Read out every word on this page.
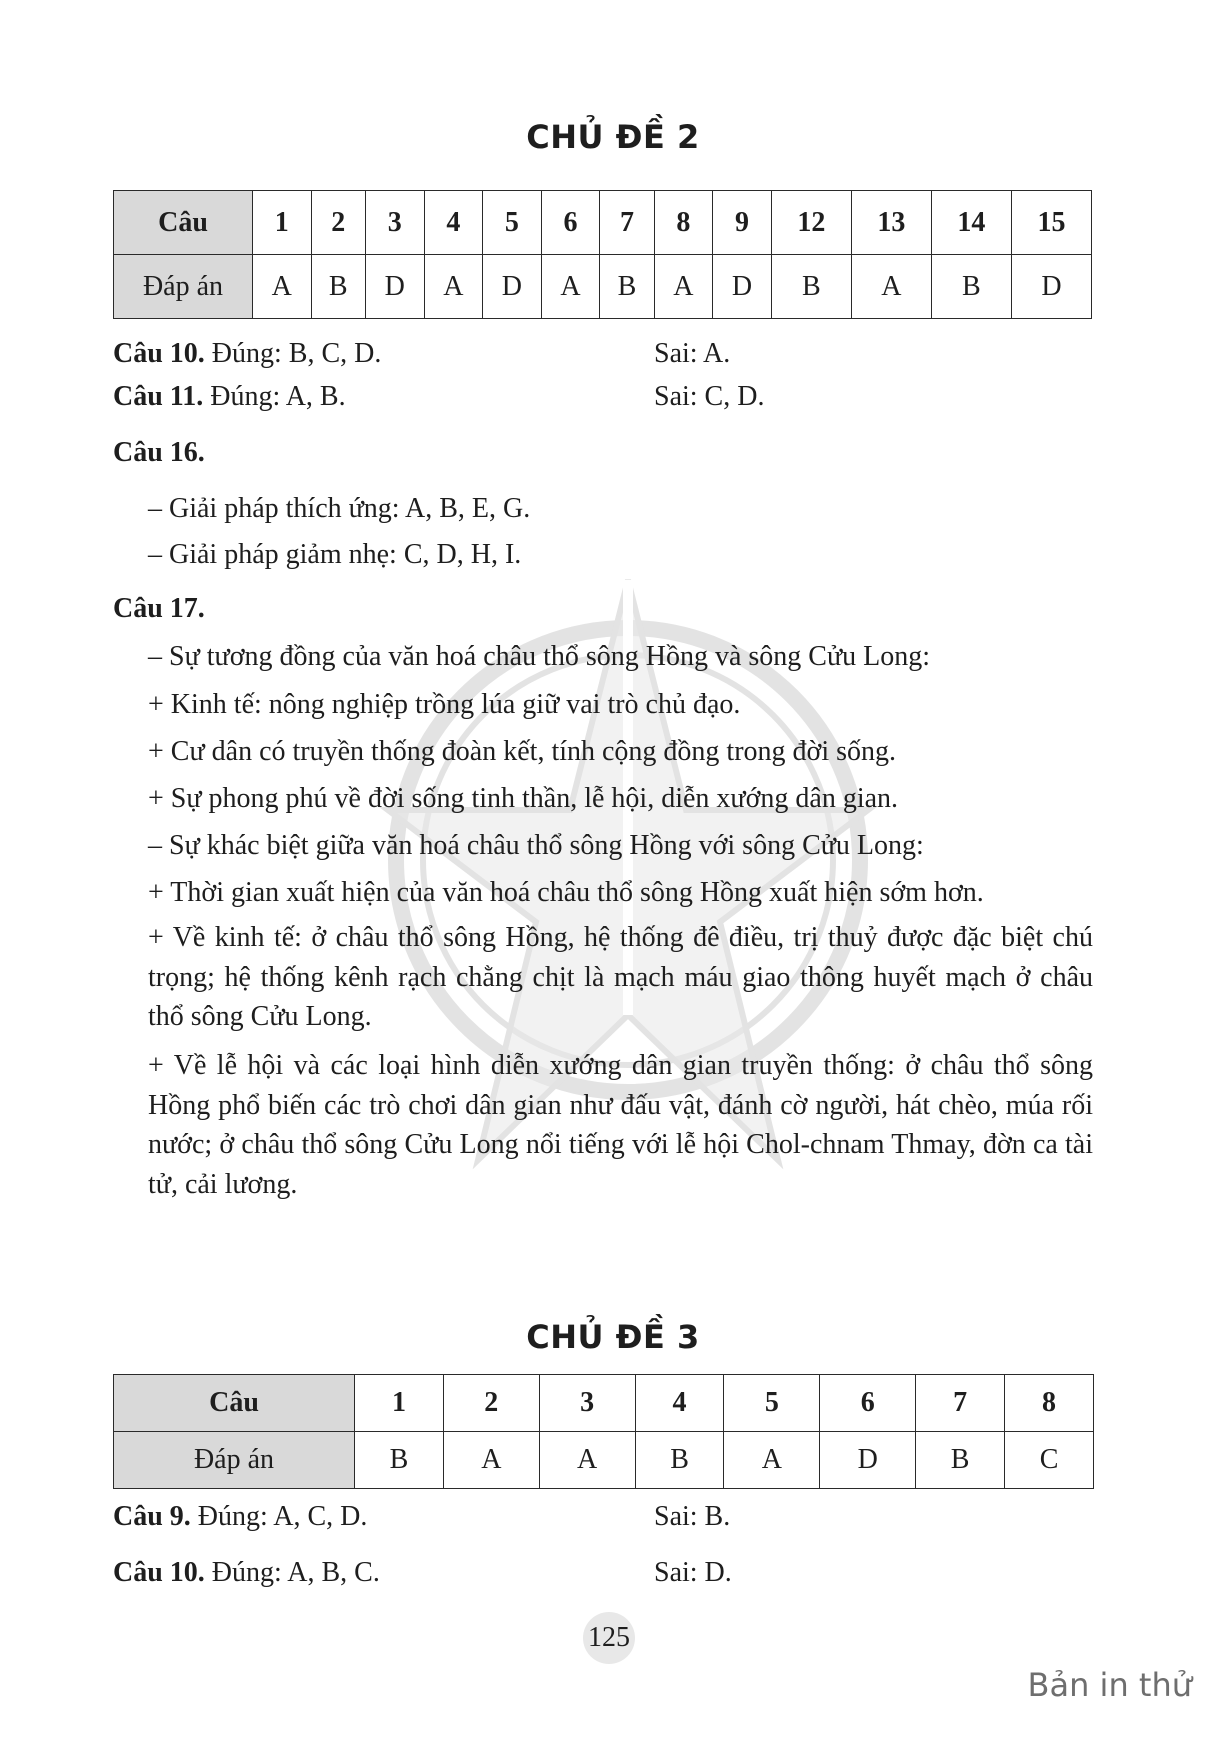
CHỦ ĐỀ 2
Câu	1	2	3	4	5	6	7	8	9	12	13	14	15
Đáp án	A	B	D	A	D	A	B	A	D	B	A	B	D
Câu 10. Đúng: B, C, D.	Sai: A.
Câu 11. Đúng: A, B.	Sai: C, D.
Câu 16.
– Giải pháp thích ứng: A, B, E, G.
– Giải pháp giảm nhẹ: C, D, H, I.
Câu 17.
– Sự tương đồng của văn hoá châu thổ sông Hồng và sông Cửu Long:
+ Kinh tế: nông nghiệp trồng lúa giữ vai trò chủ đạo.
+ Cư dân có truyền thống đoàn kết, tính cộng đồng trong đời sống.
+ Sự phong phú về đời sống tinh thần, lễ hội, diễn xướng dân gian.
– Sự khác biệt giữa văn hoá châu thổ sông Hồng với sông Cửu Long:
+ Thời gian xuất hiện của văn hoá châu thổ sông Hồng xuất hiện sớm hơn.
+ Về kinh tế: ở châu thổ sông Hồng, hệ thống đê điều, trị thuỷ được đặc biệt chú trọng; hệ thống kênh rạch chằng chịt là mạch máu giao thông huyết mạch ở châu thổ sông Cửu Long.
+ Về lễ hội và các loại hình diễn xướng dân gian truyền thống: ở châu thổ sông Hồng phổ biến các trò chơi dân gian như đấu vật, đánh cờ người, hát chèo, múa rối nước; ở châu thổ sông Cửu Long nổi tiếng với lễ hội Chol-chnam Thmay, đờn ca tài tử, cải lương.
CHỦ ĐỀ 3
Câu	1	2	3	4	5	6	7	8
Đáp án	B	A	A	B	A	D	B	C
Câu 9. Đúng: A, C, D.	Sai: B.
Câu 10. Đúng: A, B, C.	Sai: D.
125
Bản in thử
